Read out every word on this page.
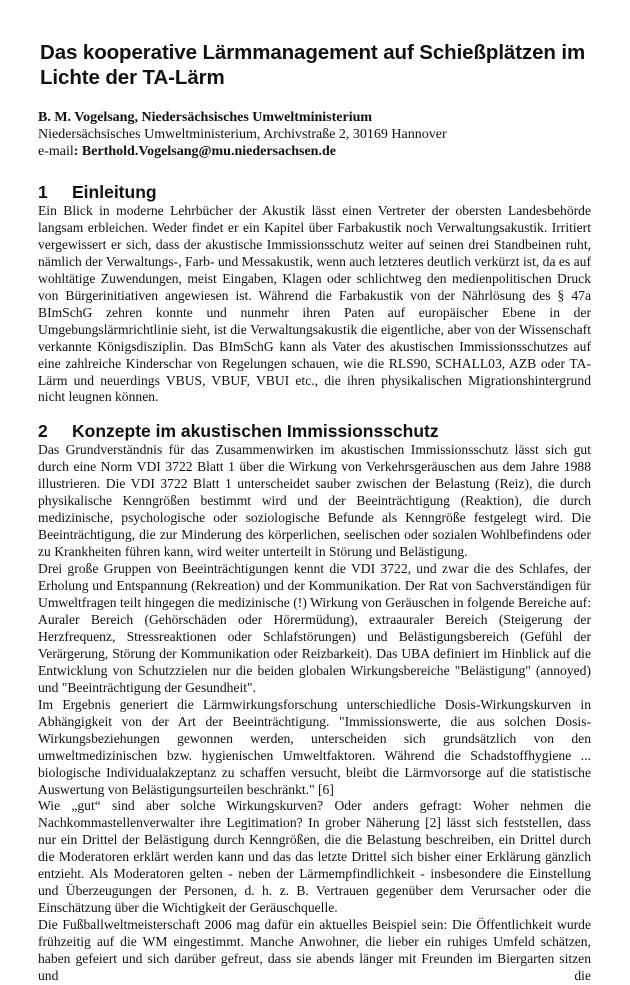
Das kooperative Lärmmanagement auf Schießplätzen im Lichte der TA-Lärm
B. M. Vogelsang, Niedersächsisches Umweltministerium
Niedersächsisches Umweltministerium, Archivstraße 2, 30169 Hannover
e-mail: Berthold.Vogelsang@mu.niedersachsen.de
1 Einleitung

Ein Blick in moderne Lehrbücher der Akustik lässt einen Vertreter der obersten Landesbehörde langsam erbleichen. Weder findet er ein Kapitel über Farbakustik noch Verwaltungsakustik. Irritiert vergewissert er sich, dass der akustische Immissionsschutz weiter auf seinen drei Standbeinen ruht, nämlich der Verwaltungs-, Farb- und Messakustik, wenn auch letzteres deutlich verkürzt ist, da es auf wohltätige Zuwendungen, meist Eingaben, Klagen oder schlichtweg den medienpolitischen Druck von Bürgerinitiativen angewiesen ist. Während die Farbakustik von der Nährlösung des § 47a BImSchG zehren konnte und nunmehr ihren Paten auf europäischer Ebene in der Umgebungslärmrichtlinie sieht, ist die Verwaltungsakustik die eigentliche, aber von der Wissenschaft verkannte Königsdisziplin. Das BImSchG kann als Vater des akustischen Immissionsschutzes auf eine zahlreiche Kinderschar von Regelungen schauen, wie die RLS90, SCHALL03, AZB oder TA-Lärm und neuerdings VBUS, VBUF, VBUI etc., die ihren physikalischen Migrationshintergrund nicht leugnen können.

2 Konzepte im akustischen Immissionsschutz

Das Grundverständnis für das Zusammenwirken im akustischen Immissionsschutz lässt sich gut durch eine Norm VDI 3722 Blatt 1 über die Wirkung von Verkehrsgeräuschen aus dem Jahre 1988 illustrieren. Die VDI 3722 Blatt 1 unterscheidet sauber zwischen der Belastung (Reiz), die durch physikalische Kenngrößen bestimmt wird und der Beeinträchtigung (Reaktion), die durch medizinische, psychologische oder soziologische Befunde als Kenngröße festgelegt wird. Die Beeinträchtigung, die zur Minderung des körperlichen, seelischen oder sozialen Wohlbefindens oder zu Krankheiten führen kann, wird weiter unterteilt in Störung und Belästigung.

Drei große Gruppen von Beeinträchtigungen kennt die VDI 3722, und zwar die des Schlafes, der Erholung und Entspannung (Rekreation) und der Kommunikation. Der Rat von Sachverständigen für Umweltfragen teilt hingegen die medizinische (!) Wirkung von Geräuschen in folgende Bereiche auf: Auraler Bereich (Gehörschäden oder Hörermüdung), extraauraler Bereich (Steigerung der Herzfrequenz, Stressreaktionen oder Schlafstörungen) und Belästigungsbereich (Gefühl der Verärgerung, Störung der Kommunikation oder Reizbarkeit). Das UBA definiert im Hinblick auf die Entwicklung von Schutzzielen nur die beiden globalen Wirkungsbereiche "Belästigung" (annoyed) und "Beeinträchtigung der Gesundheit".

Im Ergebnis generiert die Lärmwirkungsforschung unterschiedliche Dosis-Wirkungskurven in Abhängigkeit von der Art der Beeinträchtigung. "Immissionswerte, die aus solchen Dosis-Wirkungsbeziehungen gewonnen werden, unterscheiden sich grundsätzlich von den umweltmedizinischen bzw. hygienischen Umweltfaktoren. Während die Schadstoffhygiene ... biologische Individualakzeptanz zu schaffen versucht, bleibt die Lärmvorsorge auf die statistische Auswertung von Belästigungsurteilen beschränkt." [6]

Wie „gut“ sind aber solche Wirkungskurven? Oder anders gefragt: Woher nehmen die Nachkommastellenverwalter ihre Legitimation? In grober Näherung [2] lässt sich feststellen, dass nur ein Drittel der Belästigung durch Kenngrößen, die die Belastung beschreiben, ein Drittel durch die Moderatoren erklärt werden kann und das das letzte Drittel sich bisher einer Erklärung gänzlich entzieht. Als Moderatoren gelten - neben der Lärmempfindlichkeit - insbesondere die Einstellung und Überzeugungen der Personen, d. h. z. B. Vertrauen gegenüber dem Verursacher oder die Einschätzung über die Wichtigkeit der Geräuschquelle.

Die Fußballweltmeisterschaft 2006 mag dafür ein aktuelles Beispiel sein: Die Öffentlichkeit wurde frühzeitig auf die WM eingestimmt. Manche Anwohner, die lieber ein ruhiges Umfeld schätzen, haben gefeiert und sich darüber gefreut, dass sie abends länger mit Freunden im Biergarten sitzen und die
